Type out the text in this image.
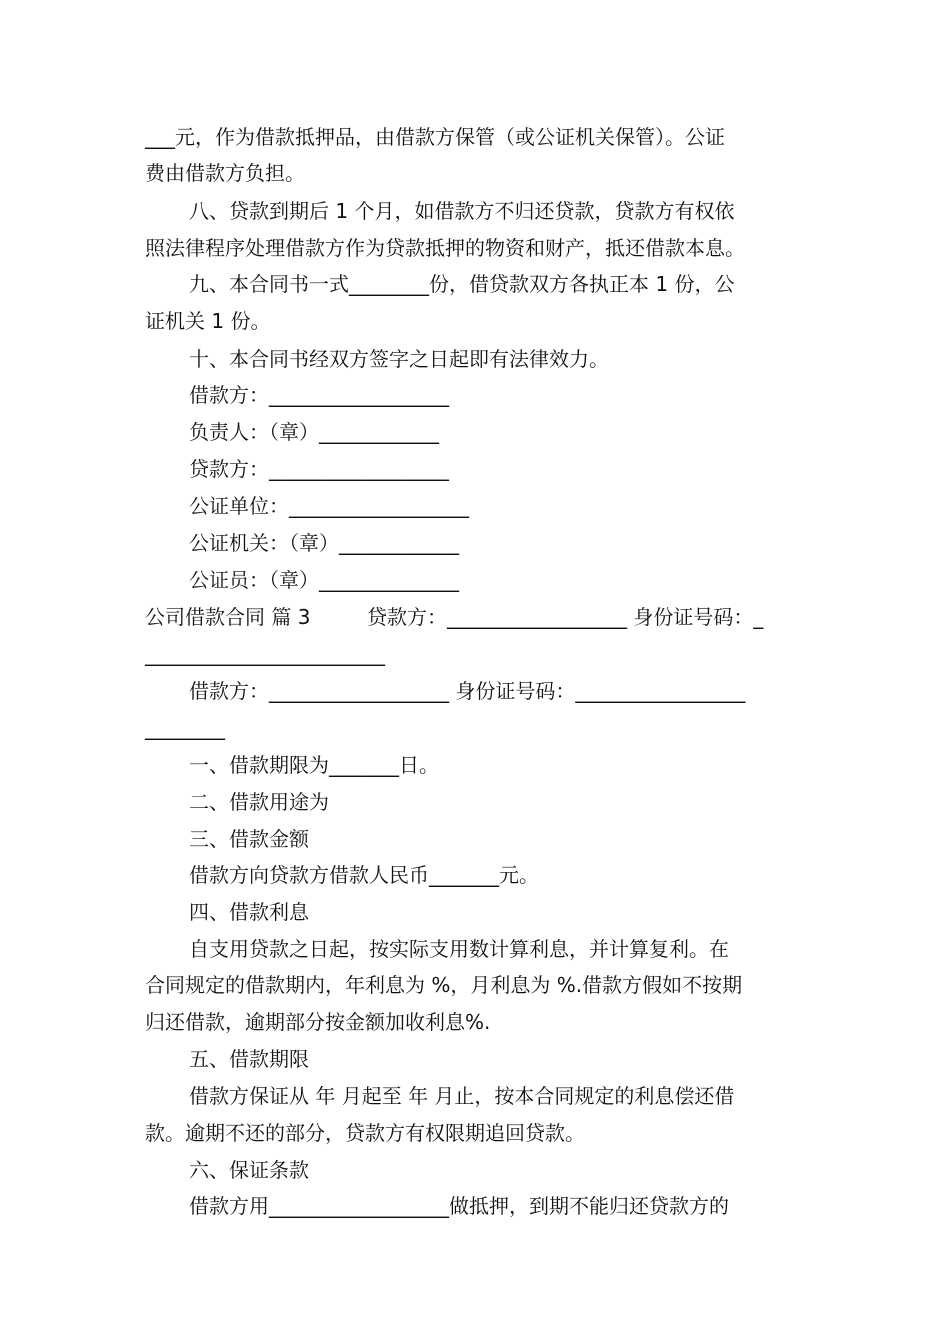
___元，作为借款抵押品，由借款方保管（或公证机关保管）。公证
费由借款方负担。
八、贷款到期后 1 个月，如借款方不归还贷款，贷款方有权依
照法律程序处理借款方作为贷款抵押的物资和财产，抵还借款本息。
九、本合同书一式________份，借贷款双方各执正本 1 份，公
证机关 1 份。
十、本合同书经双方签字之日起即有法律效力。
借款方：__________________
负责人：（章）____________
贷款方：__________________
公证单位：__________________
公证机关：（章）____________
公证员：（章）______________
公司借款合同 篇 3	贷款方：__________________ 身份证号码：_
________________________
借款方：__________________ 身份证号码：_________________
________
一、借款期限为_______日。
二、借款用途为
三、借款金额
借款方向贷款方借款人民币_______元。
四、借款利息
自支用贷款之日起，按实际支用数计算利息，并计算复利。在
合同规定的借款期内，年利息为 %，月利息为 %.借款方假如不按期
归还借款，逾期部分按金额加收利息%.
五、借款期限
借款方保证从 年 月起至 年 月止，按本合同规定的利息偿还借
款。逾期不还的部分，贷款方有权限期追回贷款。
六、保证条款
借款方用__________________做抵押，到期不能归还贷款方的
